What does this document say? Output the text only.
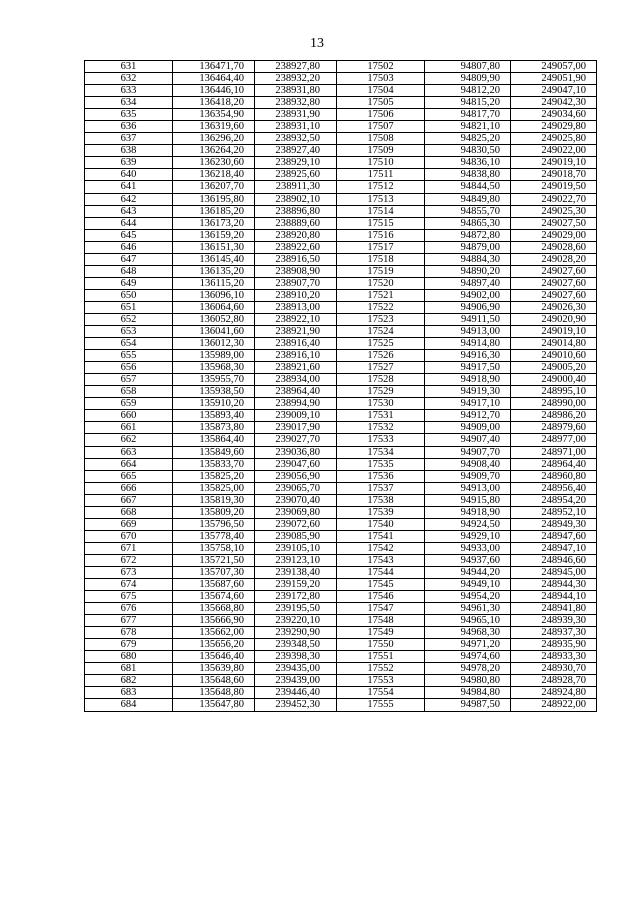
13
631	136471,70	238927,80	17502	94807,80	249057,00
632	136464,40	238932,20	17503	94809,90	249051,90
633	136446,10	238931,80	17504	94812,20	249047,10
634	136418,20	238932,80	17505	94815,20	249042,30
635	136354,90	238931,90	17506	94817,70	249034,60
636	136319,60	238931,10	17507	94821,10	249029,80
637	136296,20	238932,50	17508	94825,20	249025,80
638	136264,20	238927,40	17509	94830,50	249022,00
639	136230,60	238929,10	17510	94836,10	249019,10
640	136218,40	238925,60	17511	94838,80	249018,70
641	136207,70	238911,30	17512	94844,50	249019,50
642	136195,80	238902,10	17513	94849,80	249022,70
643	136185,20	238896,80	17514	94855,70	249025,30
644	136173,20	238889,60	17515	94865,30	249027,50
645	136159,20	238920,80	17516	94872,80	249029,00
646	136151,30	238922,60	17517	94879,00	249028,60
647	136145,40	238916,50	17518	94884,30	249028,20
648	136135,20	238908,90	17519	94890,20	249027,60
649	136115,20	238907,70	17520	94897,40	249027,60
650	136096,10	238910,20	17521	94902,00	249027,60
651	136064,60	238913,00	17522	94906,90	249026,30
652	136052,80	238922,10	17523	94911,50	249020,90
653	136041,60	238921,90	17524	94913,00	249019,10
654	136012,30	238916,40	17525	94914,80	249014,80
655	135989,00	238916,10	17526	94916,30	249010,60
656	135968,30	238921,60	17527	94917,50	249005,20
657	135955,70	238934,00	17528	94918,90	249000,40
658	135938,50	238964,40	17529	94919,30	248995,10
659	135910,20	238994,90	17530	94917,10	248990,00
660	135893,40	239009,10	17531	94912,70	248986,20
661	135873,80	239017,90	17532	94909,00	248979,60
662	135864,40	239027,70	17533	94907,40	248977,00
663	135849,60	239036,80	17534	94907,70	248971,00
664	135833,70	239047,60	17535	94908,40	248964,40
665	135825,20	239056,90	17536	94909,70	248960,80
666	135825,00	239065,70	17537	94913,00	248956,40
667	135819,30	239070,40	17538	94915,80	248954,20
668	135809,20	239069,80	17539	94918,90	248952,10
669	135796,50	239072,60	17540	94924,50	248949,30
670	135778,40	239085,90	17541	94929,10	248947,60
671	135758,10	239105,10	17542	94933,00	248947,10
672	135721,50	239123,10	17543	94937,60	248946,60
673	135707,30	239138,40	17544	94944,20	248945,00
674	135687,60	239159,20	17545	94949,10	248944,30
675	135674,60	239172,80	17546	94954,20	248944,10
676	135668,80	239195,50	17547	94961,30	248941,80
677	135666,90	239220,10	17548	94965,10	248939,30
678	135662,00	239290,90	17549	94968,30	248937,30
679	135656,20	239348,50	17550	94971,20	248935,90
680	135646,40	239398,30	17551	94974,60	248933,30
681	135639,80	239435,00	17552	94978,20	248930,70
682	135648,60	239439,00	17553	94980,80	248928,70
683	135648,80	239446,40	17554	94984,80	248924,80
684	135647,80	239452,30	17555	94987,50	248922,00
